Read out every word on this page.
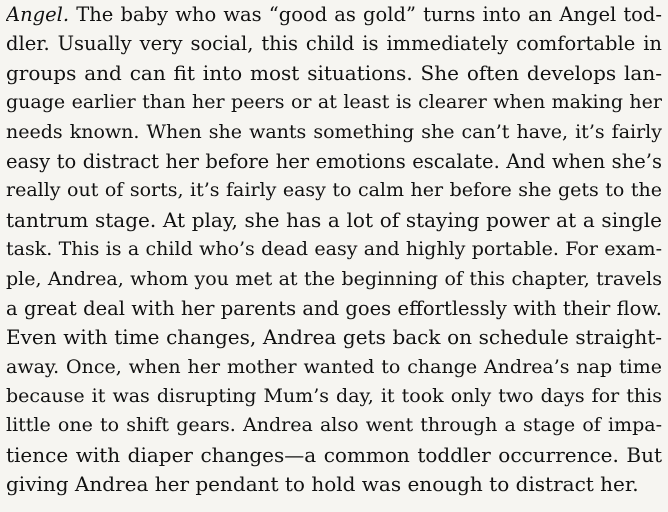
Angel. The baby who was “good as gold” turns into an Angel tod-
dler. Usually very social, this child is immediately comfortable in
groups and can fit into most situations. She often develops lan-
guage earlier than her peers or at least is clearer when making her
needs known. When she wants something she can’t have, it’s fairly
easy to distract her before her emotions escalate. And when she’s
really out of sorts, it’s fairly easy to calm her before she gets to the
tantrum stage. At play, she has a lot of staying power at a single
task. This is a child who’s dead easy and highly portable. For exam-
ple, Andrea, whom you met at the beginning of this chapter, travels
a great deal with her parents and goes effortlessly with their flow.
Even with time changes, Andrea gets back on schedule straight-
away. Once, when her mother wanted to change Andrea’s nap time
because it was disrupting Mum’s day, it took only two days for this
little one to shift gears. Andrea also went through a stage of impa-
tience with diaper changes—a common toddler occurrence. But
giving Andrea her pendant to hold was enough to distract her.
